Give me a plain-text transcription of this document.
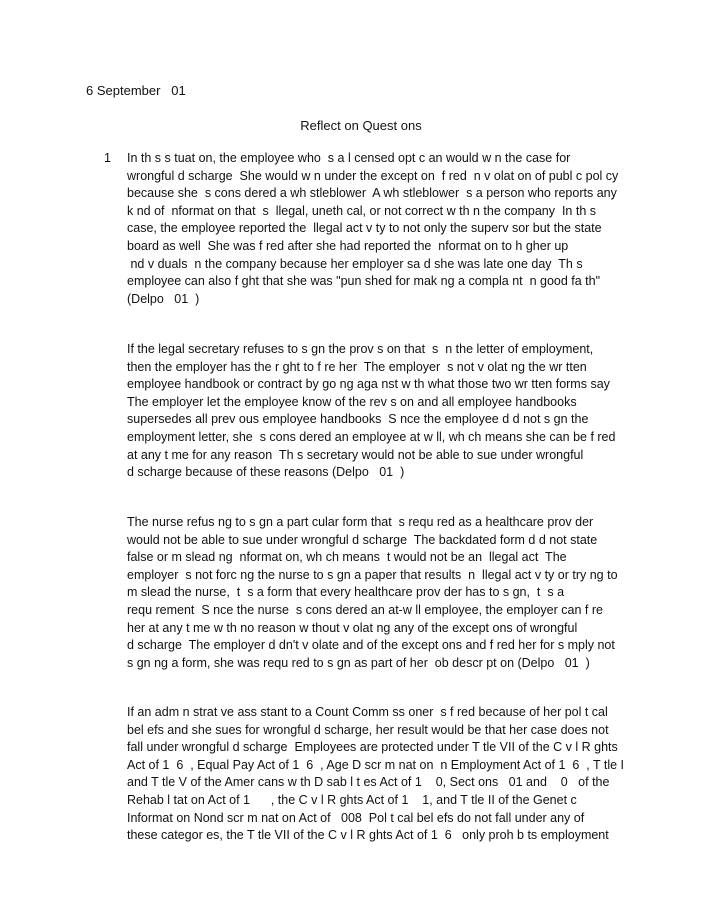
6 September   01
Reflect on Quest ons
1 In th s s tuat on, the employee who  s a l censed opt c an would w n the case for
wrongful d scharge  She would w n under the except on  f red  n v olat on of publ c pol cy
because she  s cons dered a wh stleblower  A wh stleblower  s a person who reports any
k nd of  nformat on that  s  llegal, uneth cal, or not correct w th n the company  In th s
case, the employee reported the  llegal act v ty to not only the superv sor but the state
board as well  She was f red after she had reported the  nformat on to h gher up
nd v duals  n the company because her employer sa d she was late one day  Th s
employee can also f ght that she was "pun shed for mak ng a compla nt  n good fa th"
(Delpo   01  )
If the legal secretary refuses to s gn the prov s on that  s  n the letter of employment,
then the employer has the r ght to f re her  The employer  s not v olat ng the wr tten
employee handbook or contract by go ng aga nst w th what those two wr tten forms say
The employer let the employee know of the rev s on and all employee handbooks
supersedes all prev ous employee handbooks  S nce the employee d d not s gn the
employment letter, she  s cons dered an employee at w ll, wh ch means she can be f red
at any t me for any reason  Th s secretary would not be able to sue under wrongful
d scharge because of these reasons (Delpo   01  )
The nurse refus ng to s gn a part cular form that  s requ red as a healthcare prov der
would not be able to sue under wrongful d scharge  The backdated form d d not state
false or m slead ng  nformat on, wh ch means  t would not be an  llegal act  The
employer  s not forc ng the nurse to s gn a paper that results  n  llegal act v ty or try ng to
m slead the nurse,  t  s a form that every healthcare prov der has to s gn,  t  s a
requ rement  S nce the nurse  s cons dered an at-w ll employee, the employer can f re
her at any t me w th no reason w thout v olat ng any of the except ons of wrongful
d scharge  The employer d dn't v olate and of the except ons and f red her for s mply not
s gn ng a form, she was requ red to s gn as part of her  ob descr pt on (Delpo   01  )
If an adm n strat ve ass stant to a Count Comm ss oner  s f red because of her pol t cal
bel efs and she sues for wrongful d scharge, her result would be that her case does not
fall under wrongful d scharge  Employees are protected under T tle VII of the C v l R ghts
Act of 1  6  , Equal Pay Act of 1  6  , Age D scr m nat on  n Employment Act of 1  6  , T tle I
and T tle V of the Amer cans w th D sab l t es Act of 1    0, Sect ons   01 and    0   of the
Rehab l tat on Act of 1      , the C v l R ghts Act of 1    1, and T tle II of the Genet c
Informat on Nond scr m nat on Act of   008  Pol t cal bel efs do not fall under any of
these categor es, the T tle VII of the C v l R ghts Act of 1  6   only proh b ts employment
